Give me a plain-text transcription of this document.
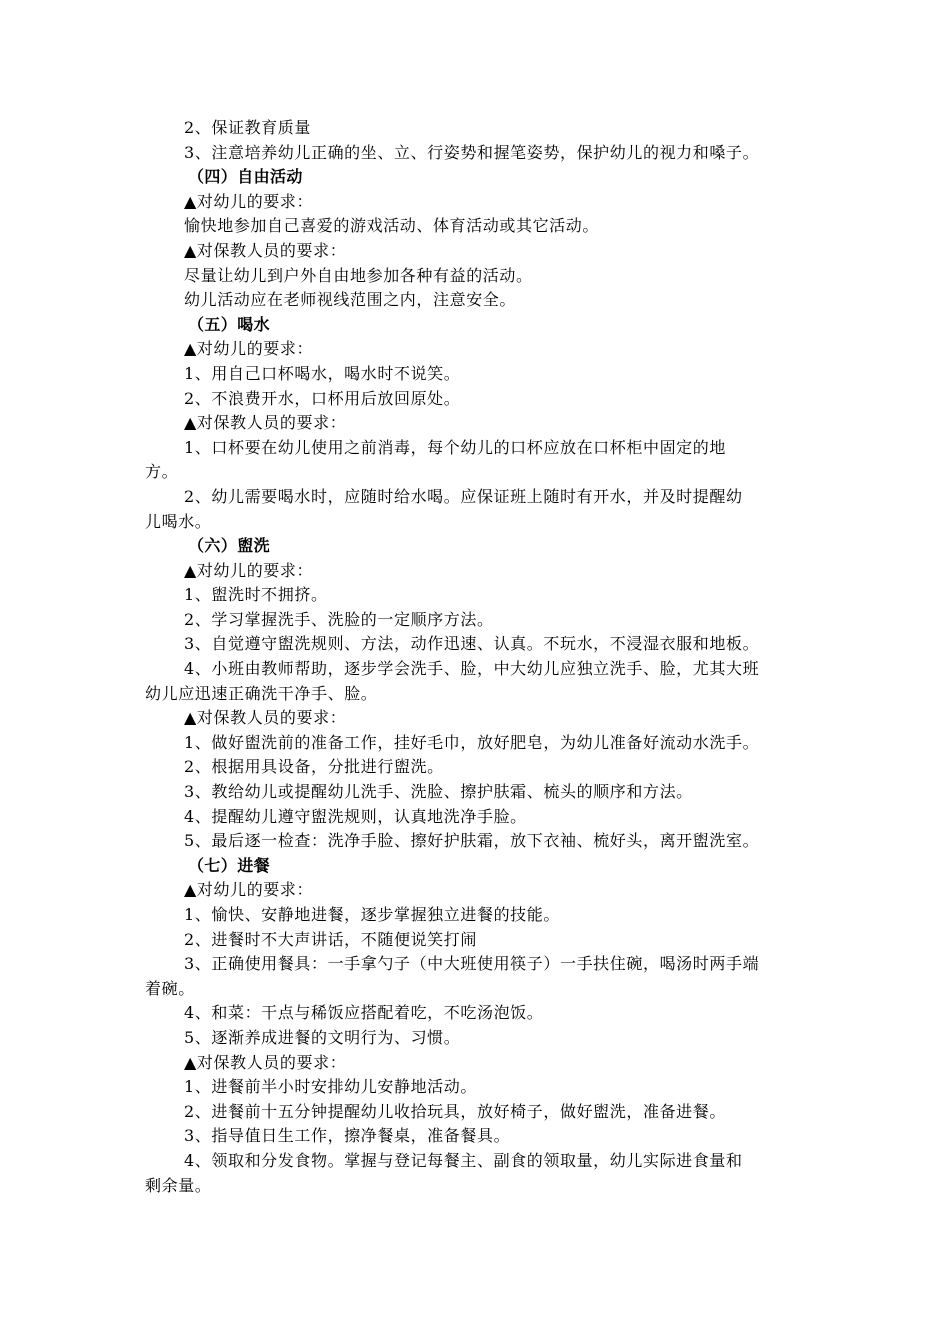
2、保证教育质量
3、注意培养幼儿正确的坐、立、行姿势和握笔姿势，保护幼儿的视力和嗓子。
（四）自由活动
▲对幼儿的要求：
愉快地参加自己喜爱的游戏活动、体育活动或其它活动。
▲对保教人员的要求：
尽量让幼儿到户外自由地参加各种有益的活动。
幼儿活动应在老师视线范围之内，注意安全。
（五）喝水
▲对幼儿的要求：
1、用自己口杯喝水，喝水时不说笑。
2、不浪费开水，口杯用后放回原处。
▲对保教人员的要求：
1、口杯要在幼儿使用之前消毒，每个幼儿的口杯应放在口杯柜中固定的地
方。
2、幼儿需要喝水时，应随时给水喝。应保证班上随时有开水，并及时提醒幼
儿喝水。
（六）盥洗
▲对幼儿的要求：
1、盥洗时不拥挤。
2、学习掌握洗手、洗脸的一定顺序方法。
3、自觉遵守盥洗规则、方法，动作迅速、认真。不玩水，不浸湿衣服和地板。
4、小班由教师帮助，逐步学会洗手、脸，中大幼儿应独立洗手、脸，尤其大班
幼儿应迅速正确洗干净手、脸。
▲对保教人员的要求：
1、做好盥洗前的准备工作，挂好毛巾，放好肥皂，为幼儿准备好流动水洗手。
2、根据用具设备，分批进行盥洗。
3、教给幼儿或提醒幼儿洗手、洗脸、擦护肤霜、梳头的顺序和方法。
4、提醒幼儿遵守盥洗规则，认真地洗净手脸。
5、最后逐一检查：洗净手脸、擦好护肤霜，放下衣袖、梳好头，离开盥洗室。
（七）进餐
▲对幼儿的要求：
1、愉快、安静地进餐，逐步掌握独立进餐的技能。
2、进餐时不大声讲话，不随便说笑打闹
3、正确使用餐具：一手拿勺子（中大班使用筷子）一手扶住碗，喝汤时两手端
着碗。
4、和菜：干点与稀饭应搭配着吃，不吃汤泡饭。
5、逐渐养成进餐的文明行为、习惯。
▲对保教人员的要求：
1、进餐前半小时安排幼儿安静地活动。
2、进餐前十五分钟提醒幼儿收拾玩具，放好椅子，做好盥洗，准备进餐。
3、指导值日生工作，擦净餐桌，准备餐具。
4、领取和分发食物。掌握与登记每餐主、副食的领取量，幼儿实际进食量和
剩余量。
